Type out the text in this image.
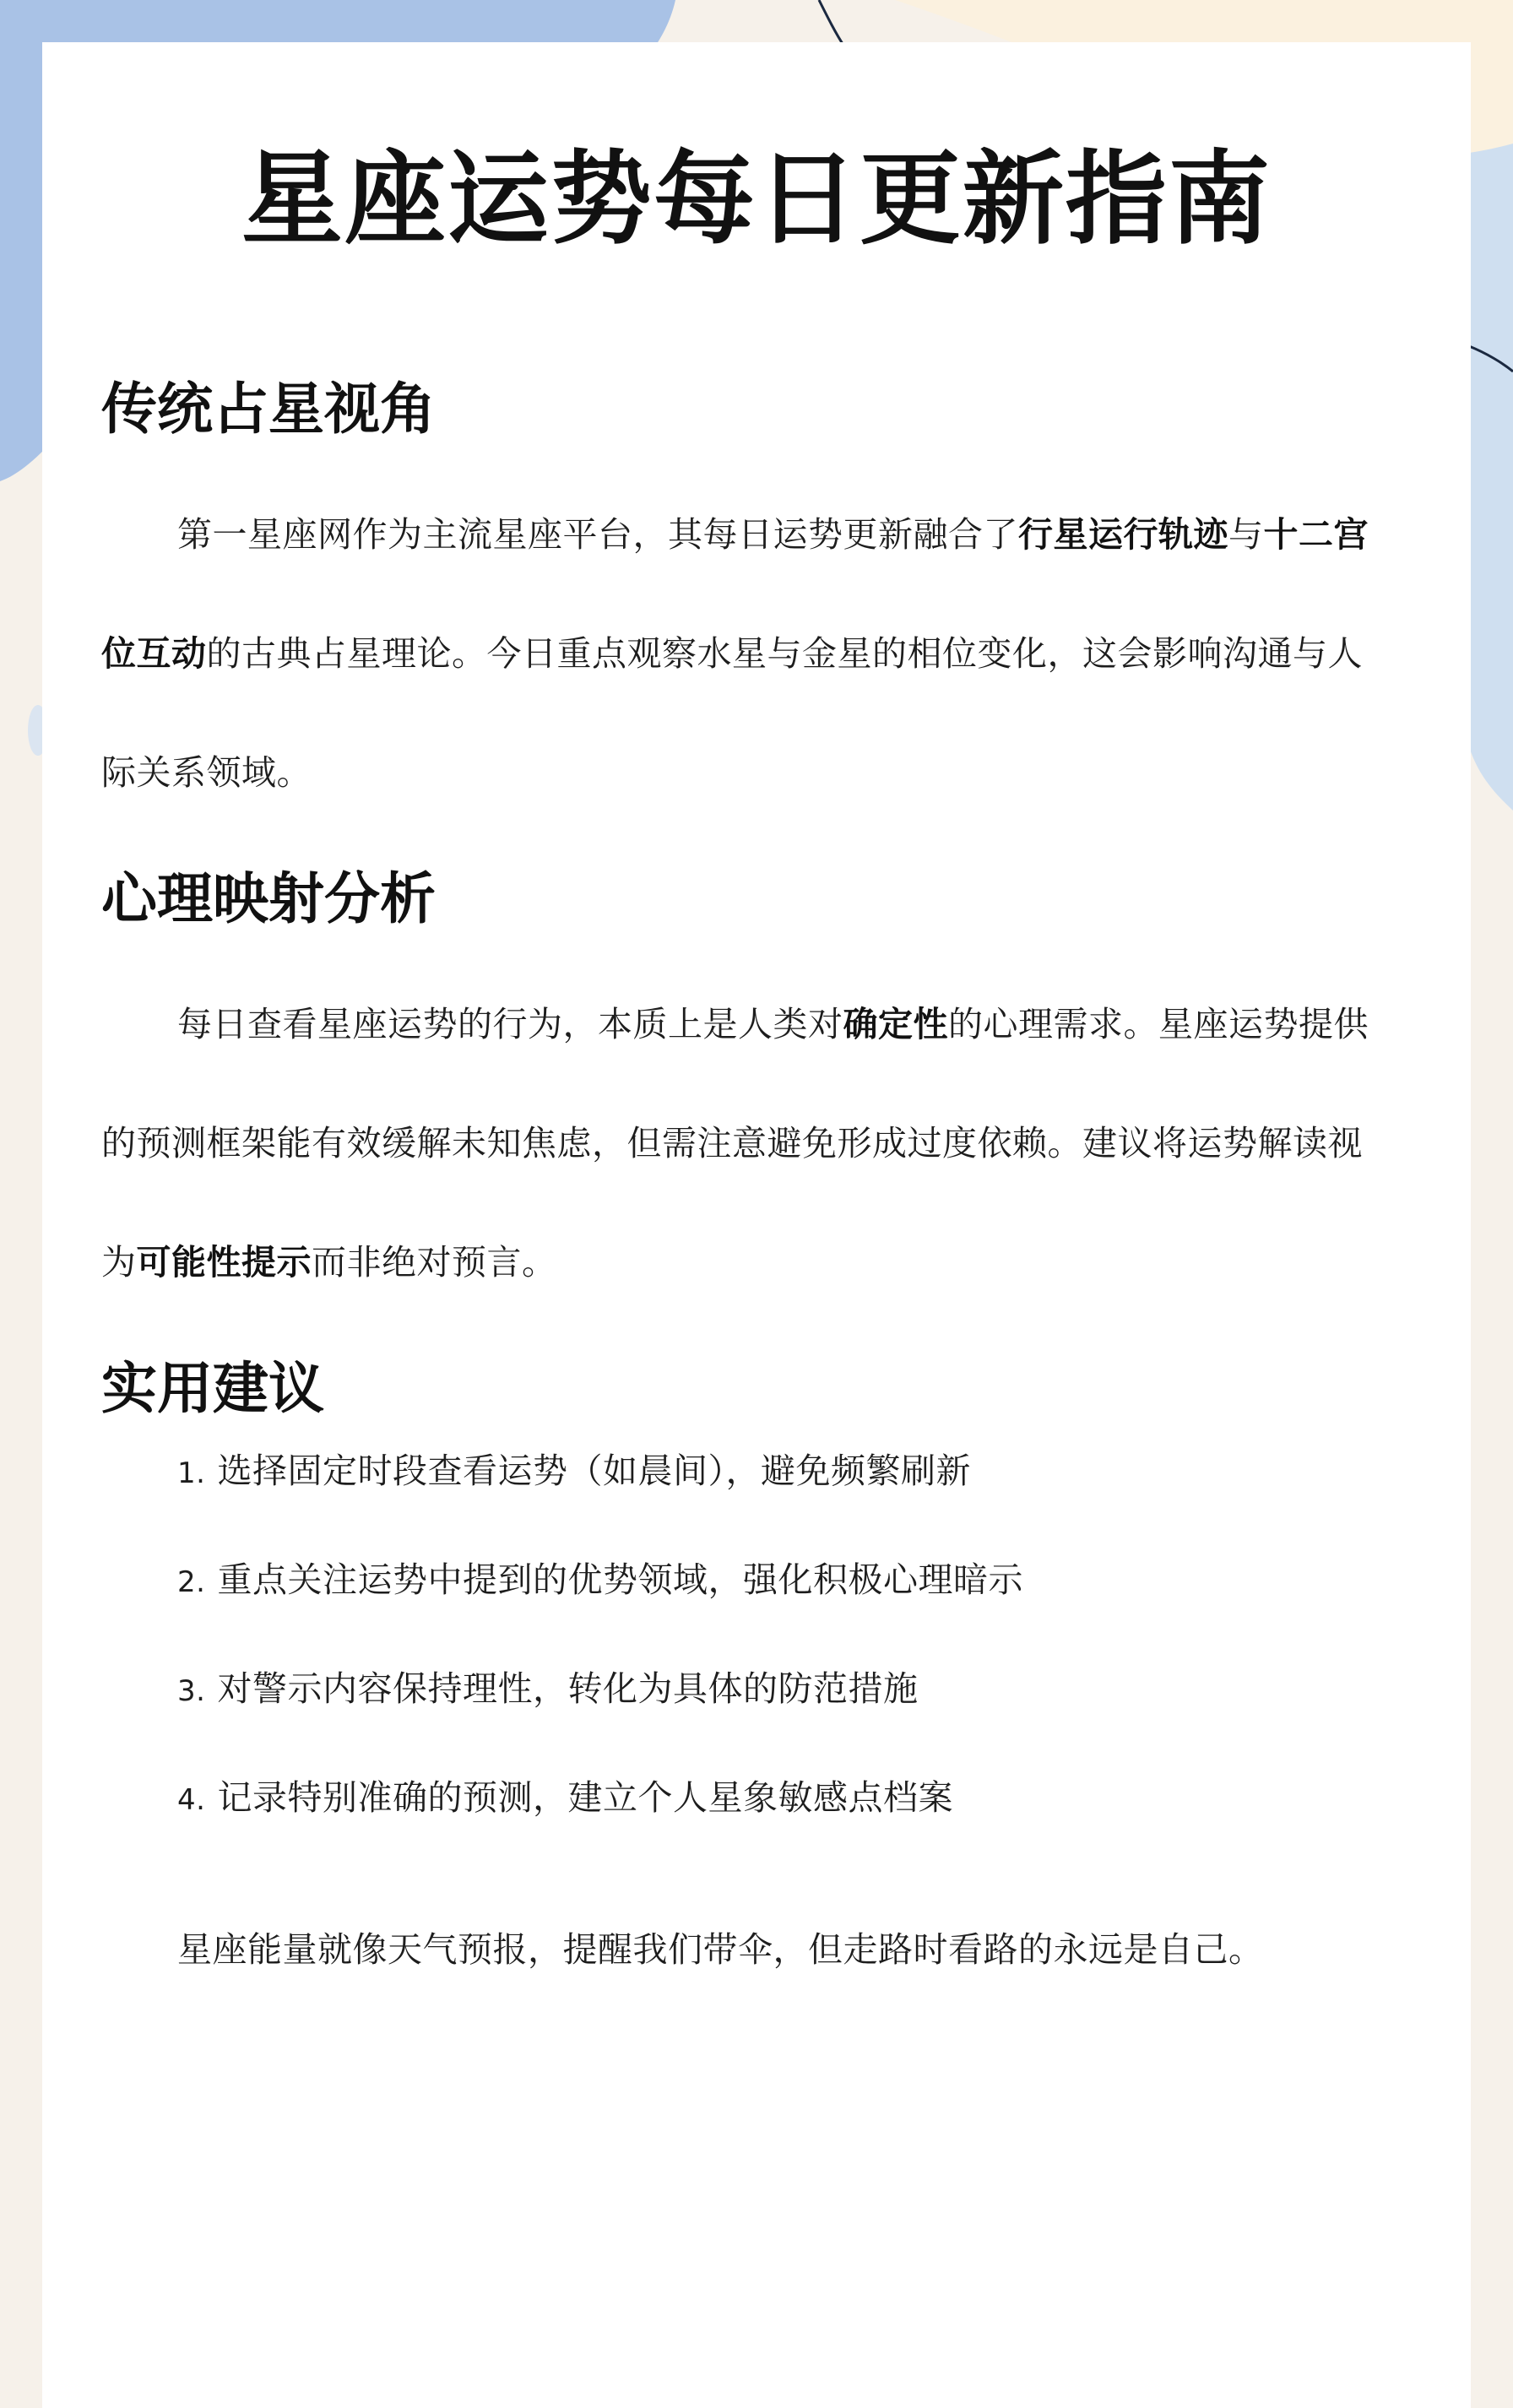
星座运势每日更新指南
传统占星视角

第一星座网作为主流星座平台，其每日运势更新融合了行星运行轨迹与十二宫位互动的古典占星理论。今日重点观察水星与金星的相位变化，这会影响沟通与人际关系领域。

心理映射分析

每日查看星座运势的行为，本质上是人类对确定性的心理需求。星座运势提供的预测框架能有效缓解未知焦虑，但需注意避免形成过度依赖。建议将运势解读视为可能性提示而非绝对预言。

实用建议
1. 选择固定时段查看运势（如晨间），避免频繁刷新
2. 重点关注运势中提到的优势领域，强化积极心理暗示
3. 对警示内容保持理性，转化为具体的防范措施
4. 记录特别准确的预测，建立个人星象敏感点档案

星座能量就像天气预报，提醒我们带伞，但走路时看路的永远是自己。
